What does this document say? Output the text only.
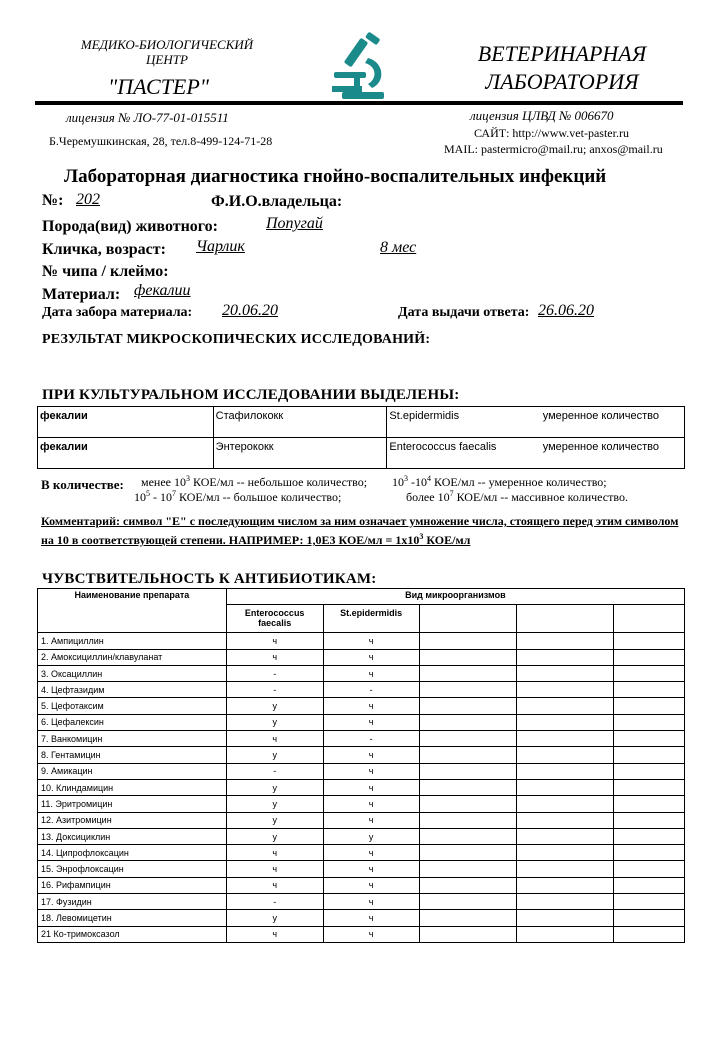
МЕДИКО-БИОЛОГИЧЕСКИЙ
ЦЕНТР
"ПАСТЕР"
ВЕТЕРИНАРНАЯ
ЛАБОРАТОРИЯ
лицензия № ЛО-77-01-015511
Б.Черемушкинская, 28, тел.8-499-124-71-28
лицензия ЦЛВД № 006670
САЙТ: http://www.vet-paster.ru
MAIL: pastermicro@mail.ru; anxos@mail.ru
Лабораторная диагностика гнойно-воспалительных инфекций
№: 202	Ф.И.О.владельца:
Порода(вид) животного:	Попугай
Кличка, возраст: Чарлик	8 мес
№ чипа / клеймо:
Материал: фекалии
Дата забора материала: 20.06.20	Дата выдачи ответа: 26.06.20
РЕЗУЛЬТАТ МИКРОСКОПИЧЕСКИХ ИССЛЕДОВАНИЙ:
ПРИ КУЛЬТУРАЛЬНОМ ИССЛЕДОВАНИИ ВЫДЕЛЕНЫ:
фекалии	Стафилококк	St.epidermidis	умеренное количество
фекалии	Энтерококк	Enterococcus faecalis	умеренное количество
В количестве: менее $10^3$ КОЕ/мл -- небольшое количество; $10^3$ $-10^4$ КОЕ/мл -- умеренное количество;
$10^5 - 10^7$ КОЕ/мл -- большое количество;	более $10^7$ КОЕ/мл -- массивное количество.
Комментарий: символ "E" с последующим числом за ним означает умножение числа, стоящего перед этим символом на 10 в соответствующей степени. НАПРИМЕР: 1,0E3 $КОЕ/мл = 1x10^3$ КОЕ/мл
ЧУВСТВИТЕЛЬНОСТЬ К АНТИБИОТИКАМ:
Наименование препарата	Вид микроорганизмов				
	Enterococcus faecalis	St.epidermidis			
1. Ампициллин	ч	ч			
2. Амоксициллин/клавуланат	ч	ч			
3. Оксациллин	-	ч			
4. Цефтазидим	-	-			
5. Цефотаксим	у	ч			
6. Цефалексин	у	ч			
7. Ванкомицин	ч	-			
8. Гентамицин	у	ч			
9. Амикацин	-	ч			
10. Клиндамицин	у	ч			
11. Эритромицин	у	ч			
12. Азитромицин	у	ч			
13. Доксициклин	у	у			
14. Ципрофлоксацин	ч	ч			
15. Энрофлоксацин	ч	ч			
16. Рифампицин	ч	ч			
17. Фузидин	-	ч			
18. Левомицетин	у	ч			
21 Ко-тримоксазол	ч	ч			
